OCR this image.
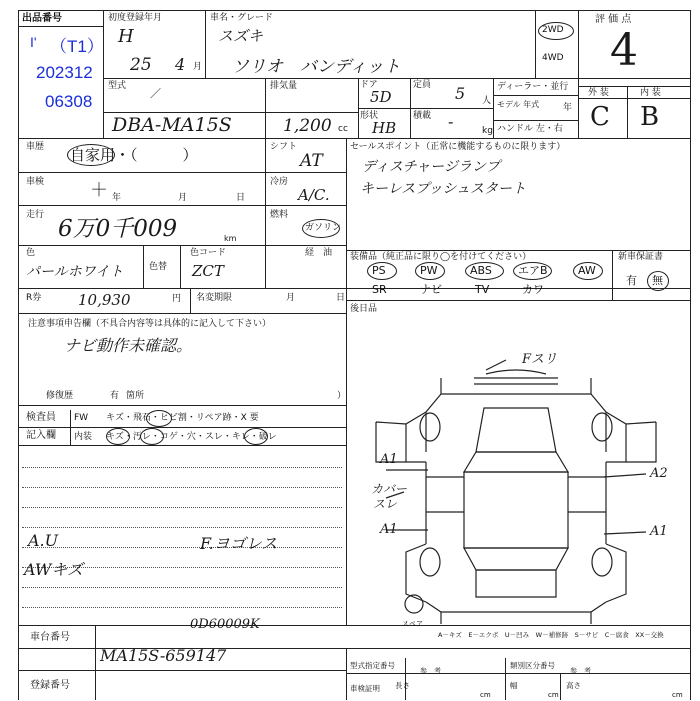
出品番号
I' （T1）
202312
06308
初度登録年月
H
25 4 月
車名・グレード
スズキ
ソリオ　バンディット
2WD
4WD
評 価 点
4
型式
／
DBA-MA15S
排気量
1,200 cc
ドア
5D
定員 5 人
形状
HB
積載 -	kg
ディーラー・並行
モデル 年式	年
ハンドル 左・右
外 装	内 装
C B
車歴 自家用・（　　　）	シフト
AT
セールスポイント（正常に機能するものに限ります）
ディスチャージランプ
キーレスプッシュスタート
車検	＋ 年	月	日
冷房
A/C.
走行
6万0千009	km
燃料
ガソリン
経　油
色
パールホワイト	色替
色コード
ZCT
装備品（純正品に限り◯を付けてください）
PS	PW	ABS エアB	AW
SR	ナビ	TV	カワ
新車保証書
有 無
R券 10,930	円 名変期限	月	日
後日品
注意事項申告欄（不具合内容等は具体的に記入して下さい）
ナビ動作未確認。
修復歴	有 箇所	）
検査員
記入欄
FW キズ・飛石・ヒビ割・リペア跡・X 要
内装 キズ・汚レ・コゲ・穴・スレ・キレ・破レ
A.U	F.ヨゴレス
AWキズ
Fスリ
A1
カバー
スレ
A1
A2
A1
スペア
0D60009K
A－キズ　E－エクボ　U－凹み　W－補修跡　S－サビ　C－腐食　XX－交換
車台番号
MA15S-659147
登録番号
型式指定番号
参　考
類別区分番号
参　考
車検証明 長さ
cm
幅
cm
高さ
cm
